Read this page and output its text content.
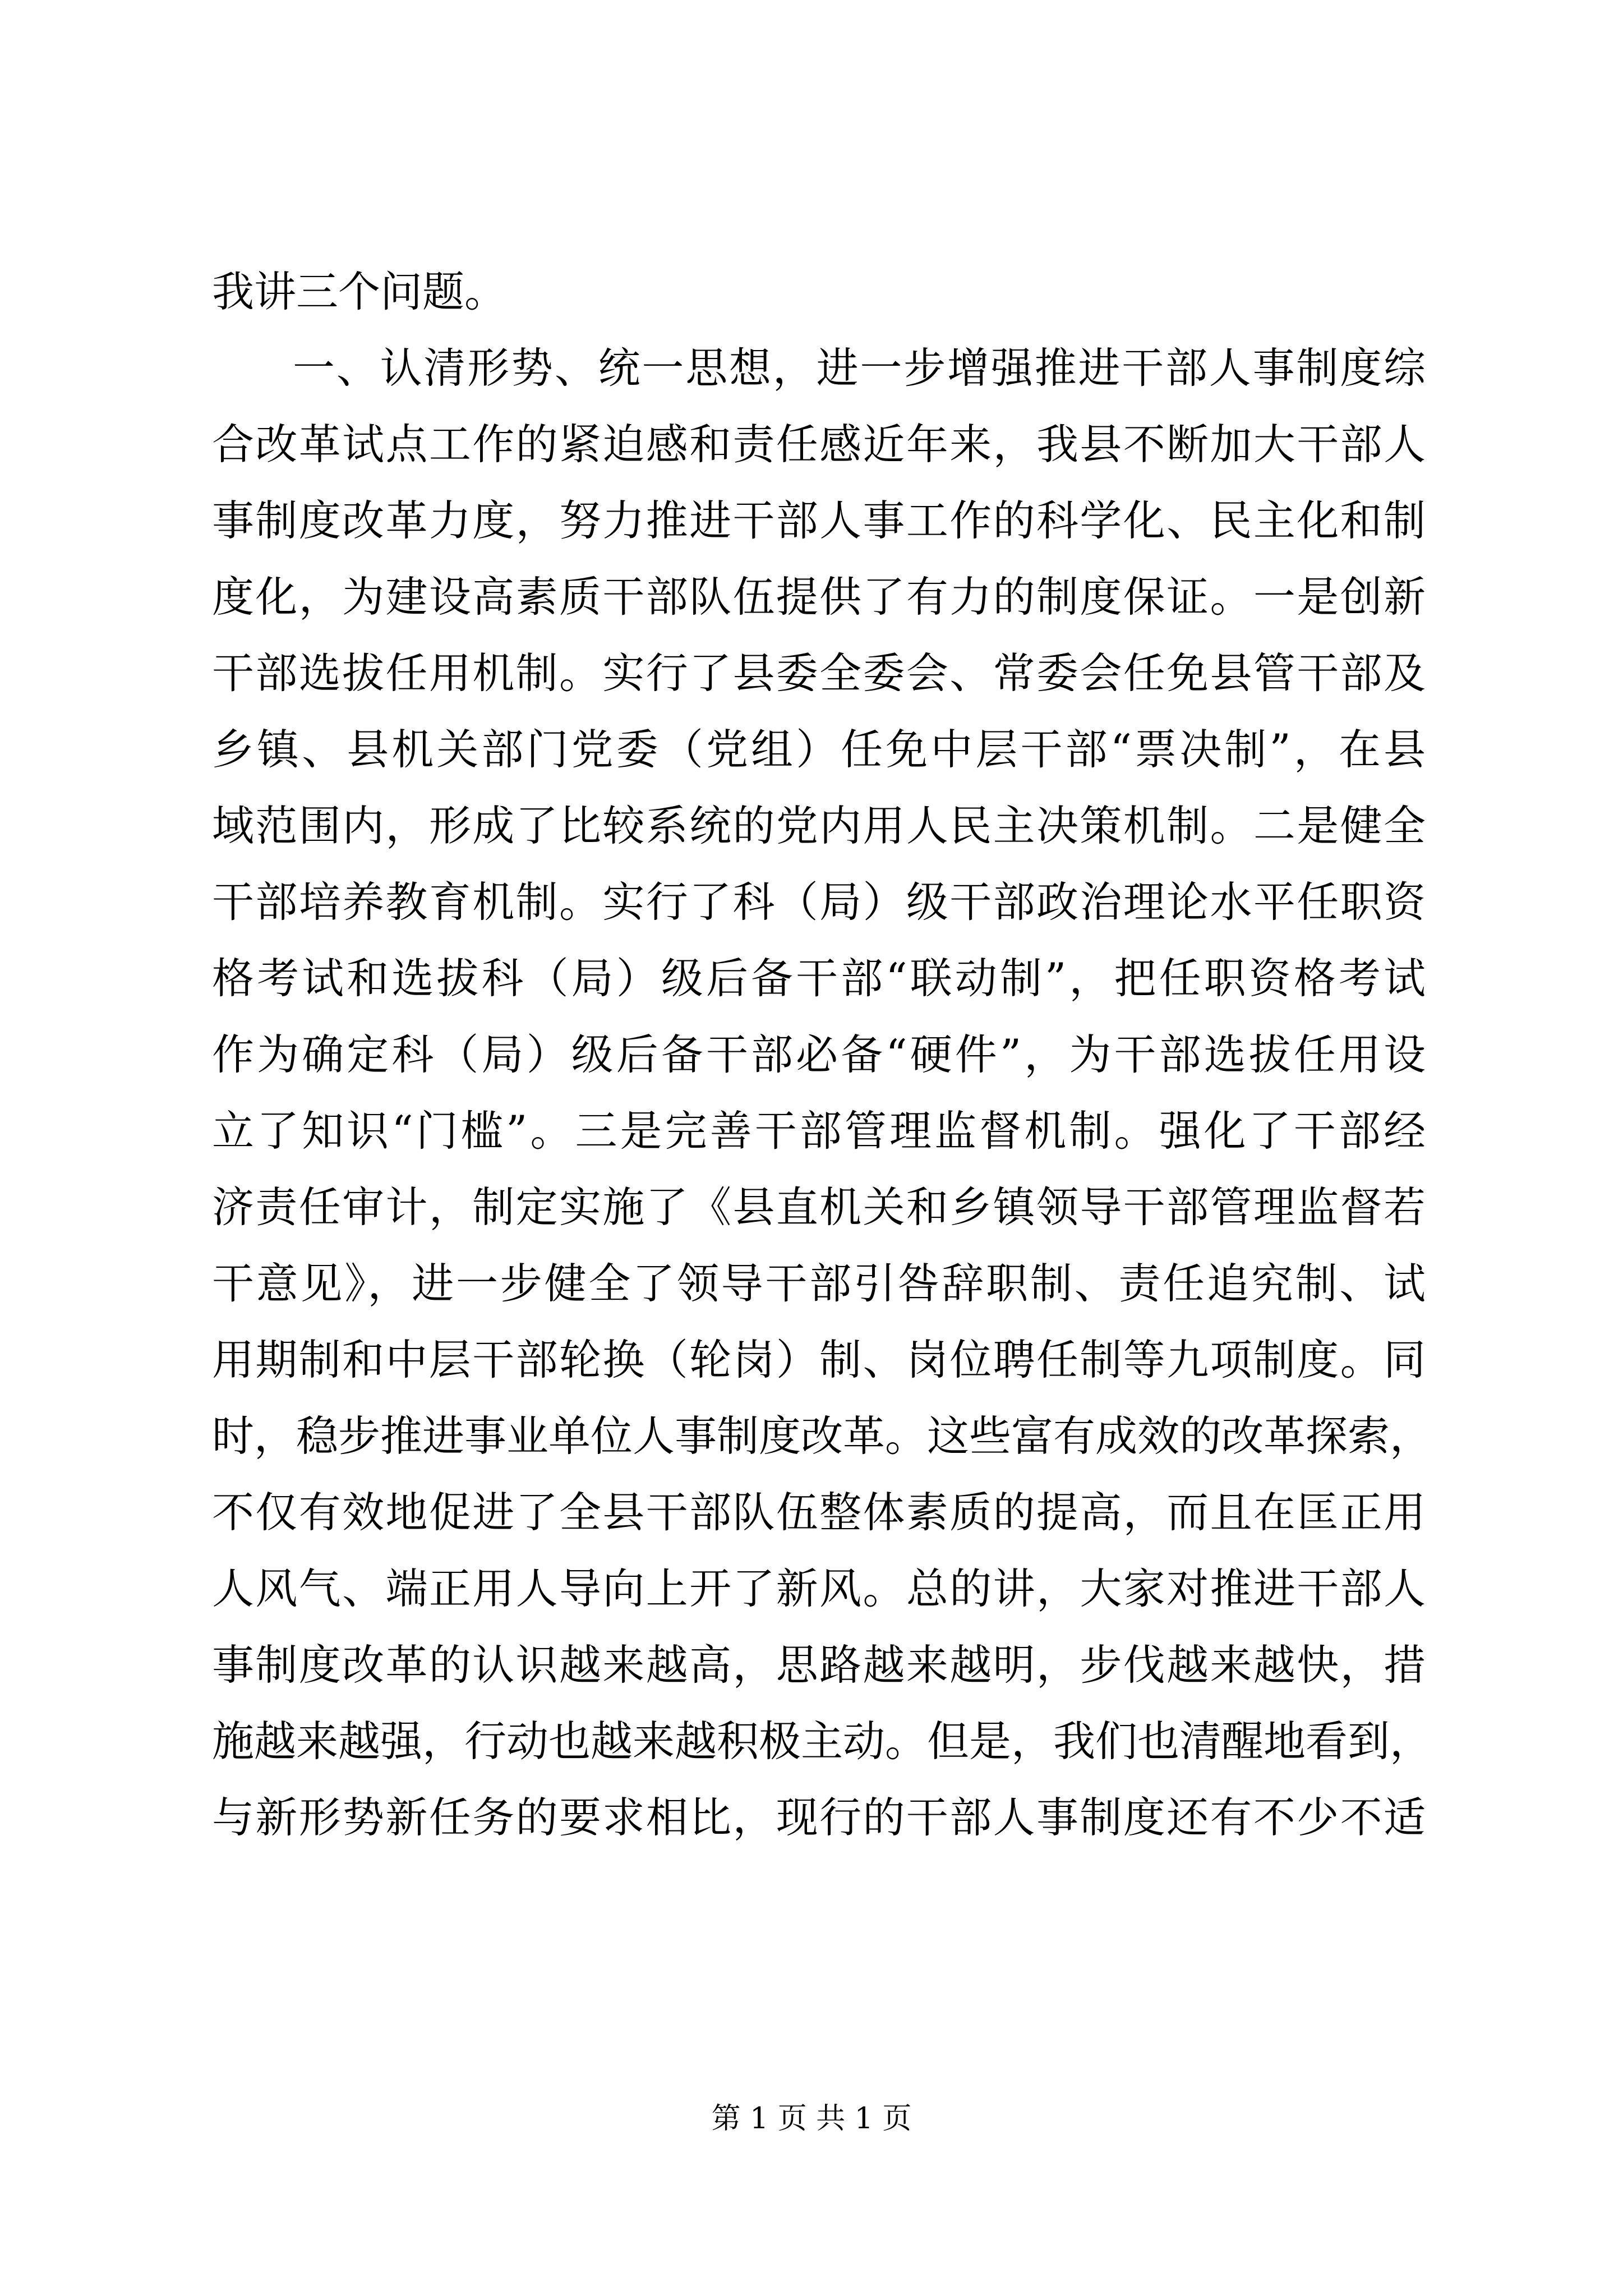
我讲三个问题。
一、认清形势、统一思想，进一步增强推进干部人事制度综
合改革试点工作的紧迫感和责任感近年来，我县不断加大干部人
事制度改革力度，努力推进干部人事工作的科学化、民主化和制
度化，为建设高素质干部队伍提供了有力的制度保证。一是创新
干部选拔任用机制。实行了县委全委会、常委会任免县管干部及
乡镇、县机关部门党委（党组）任免中层干部“票决制”，在县
域范围内，形成了比较系统的党内用人民主决策机制。二是健全
干部培养教育机制。实行了科（局）级干部政治理论水平任职资
格考试和选拔科（局）级后备干部“联动制”，把任职资格考试
作为确定科（局）级后备干部必备“硬件”，为干部选拔任用设
立了知识“门槛”。三是完善干部管理监督机制。强化了干部经
济责任审计，制定实施了《县直机关和乡镇领导干部管理监督若
干意见》，进一步健全了领导干部引咎辞职制、责任追究制、试
用期制和中层干部轮换（轮岗）制、岗位聘任制等九项制度。同
时，稳步推进事业单位人事制度改革。这些富有成效的改革探索，
不仅有效地促进了全县干部队伍整体素质的提高，而且在匡正用
人风气、端正用人导向上开了新风。总的讲，大家对推进干部人
事制度改革的认识越来越高，思路越来越明，步伐越来越快，措
施越来越强，行动也越来越积极主动。但是，我们也清醒地看到，
与新形势新任务的要求相比，现行的干部人事制度还有不少不适
第 1 页 共 1 页
